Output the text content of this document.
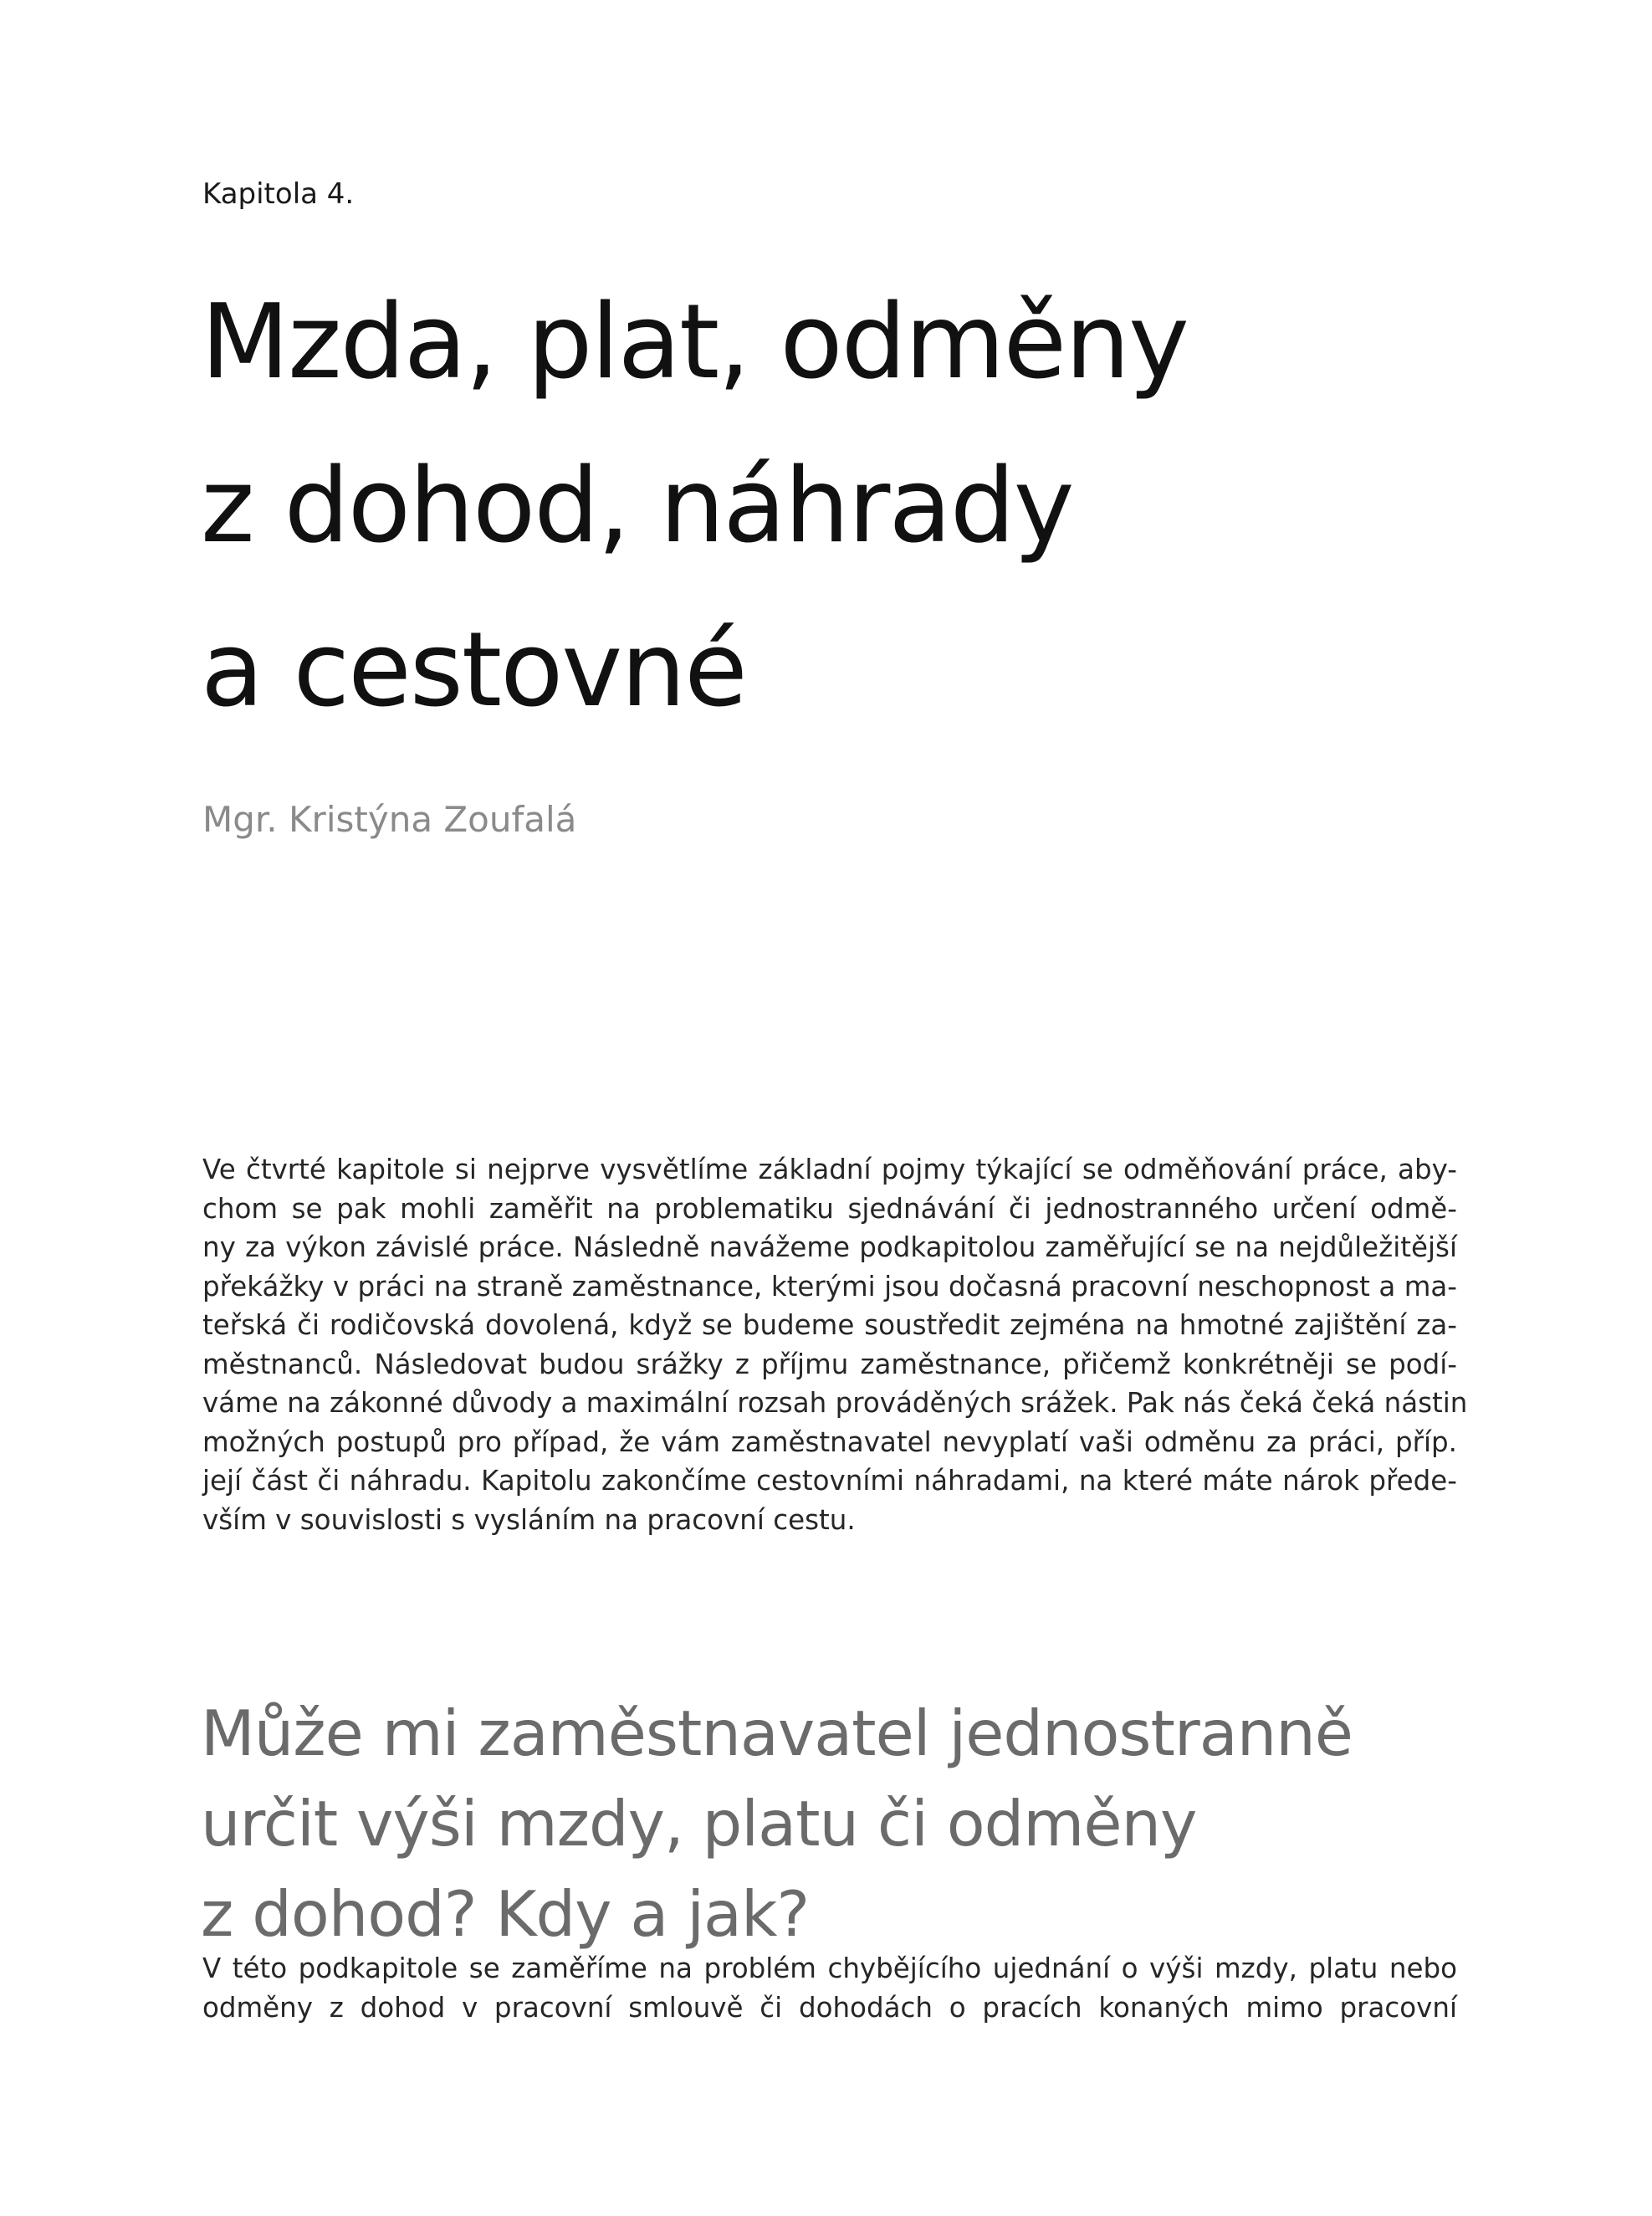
Kapitola 4.

Mzda, plat, odměny
z dohod, náhrady
a cestovné

Mgr. Kristýna Zoufalá

Ve čtvrté kapitole si nejprve vysvětlíme základní pojmy týkající se odměňování práce, aby-
chom se pak mohli zaměřit na problematiku sjednávání či jednostranného určení odmě-
ny za výkon závislé práce. Následně navážeme podkapitolou zaměřující se na nejdůležitější
překážky v práci na straně zaměstnance, kterými jsou dočasná pracovní neschopnost a ma-
teřská či rodičovská dovolená, když se budeme soustředit zejména na hmotné zajištění za-
městnanců. Následovat budou srážky z příjmu zaměstnance, přičemž konkrétněji se podí-
váme na zákonné důvody a maximální rozsah prováděných srážek. Pak nás čeká čeká nástin
možných postupů pro případ, že vám zaměstnavatel nevyplatí vaši odměnu za práci, příp.
její část či náhradu. Kapitolu zakončíme cestovními náhradami, na které máte nárok přede-
vším v souvislosti s vysláním na pracovní cestu.
Může mi zaměstnavatel jednostranně
určit výši mzdy, platu či odměny
z dohod? Kdy a jak?
V této podkapitole se zaměříme na problém chybějícího ujednání o výši mzdy, platu nebo
odměny z dohod v pracovní smlouvě či dohodách o pracích konaných mimo pracovní
